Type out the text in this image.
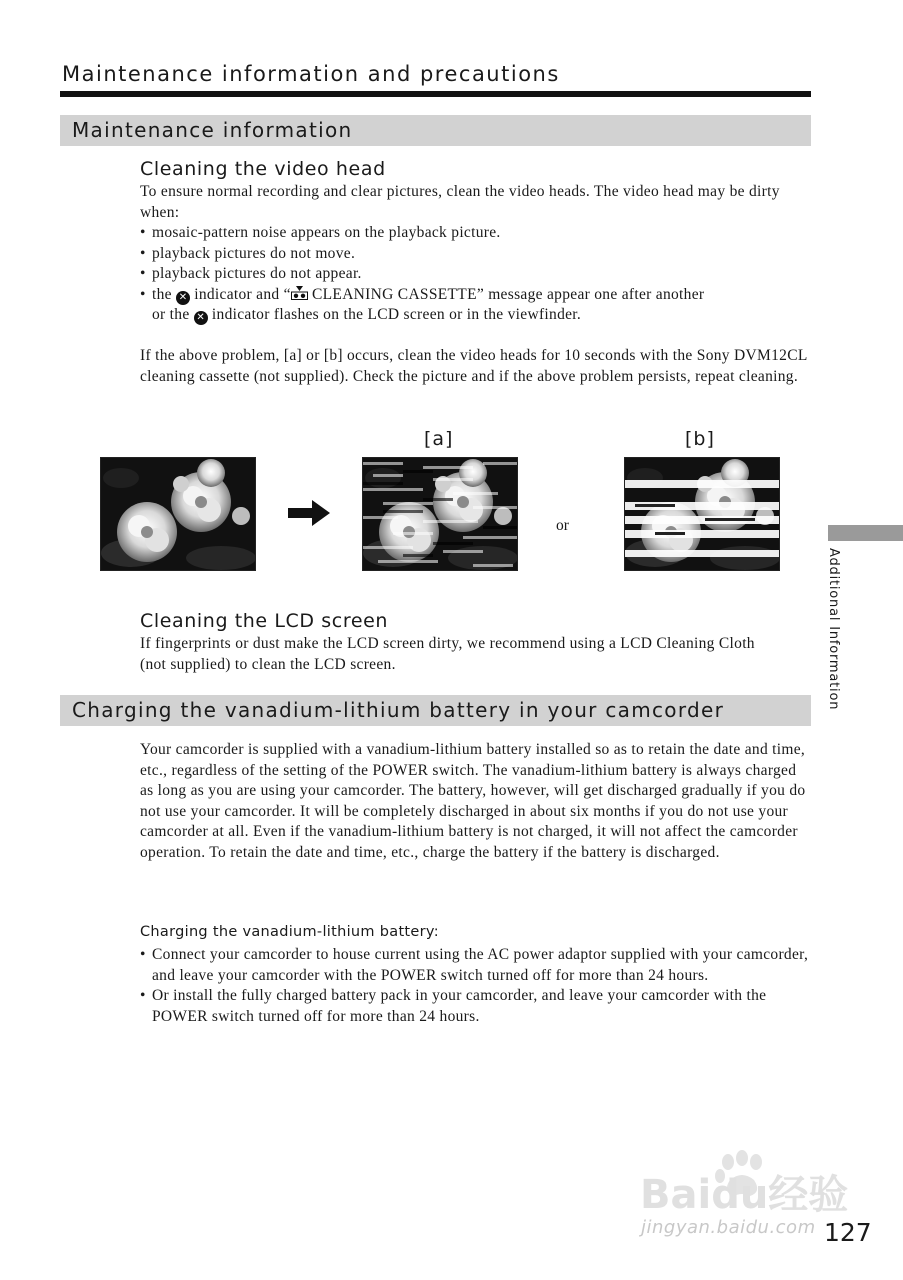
Maintenance information and precautions
Maintenance information
Cleaning the video head

To ensure normal recording and clear pictures, clean the video heads. The video head may be dirty when:

• mosaic-pattern noise appears on the playback picture.
• playback pictures do not move.
• playback pictures do not appear.
• the ✕ indicator and “ CLEANING CASSETTE” message appear one after another
or the ✕ indicator flashes on the LCD screen or in the viewfinder.

If the above problem, [a] or [b] occurs, clean the video heads for 10 seconds with the Sony DVM12CL cleaning cassette (not supplied). Check the picture and if the above problem persists, repeat cleaning.

[a]	[b]
or
Cleaning the LCD screen

If fingerprints or dust make the LCD screen dirty, we recommend using a LCD Cleaning Cloth (not supplied) to clean the LCD screen.

Charging the vanadium-lithium battery in your camcorder

Your camcorder is supplied with a vanadium-lithium battery installed so as to retain the date and time, etc., regardless of the setting of the POWER switch. The vanadium-lithium battery is always charged as long as you are using your camcorder. The battery, however, will get discharged gradually if you do not use your camcorder. It will be completely discharged in about six months if you do not use your camcorder at all. Even if the vanadium-lithium battery is not charged, it will not affect the camcorder operation. To retain the date and time, etc., charge the battery if the battery is discharged.

Charging the vanadium-lithium battery:
• Connect your camcorder to house current using the AC power adaptor supplied with your camcorder, and leave your camcorder with the POWER switch turned off for more than 24 hours.
• Or install the fully charged battery pack in your camcorder, and leave your camcorder with the POWER switch turned off for more than 24 hours.
Additional Information
Baidu经验
jingyan.baidu.com 127
